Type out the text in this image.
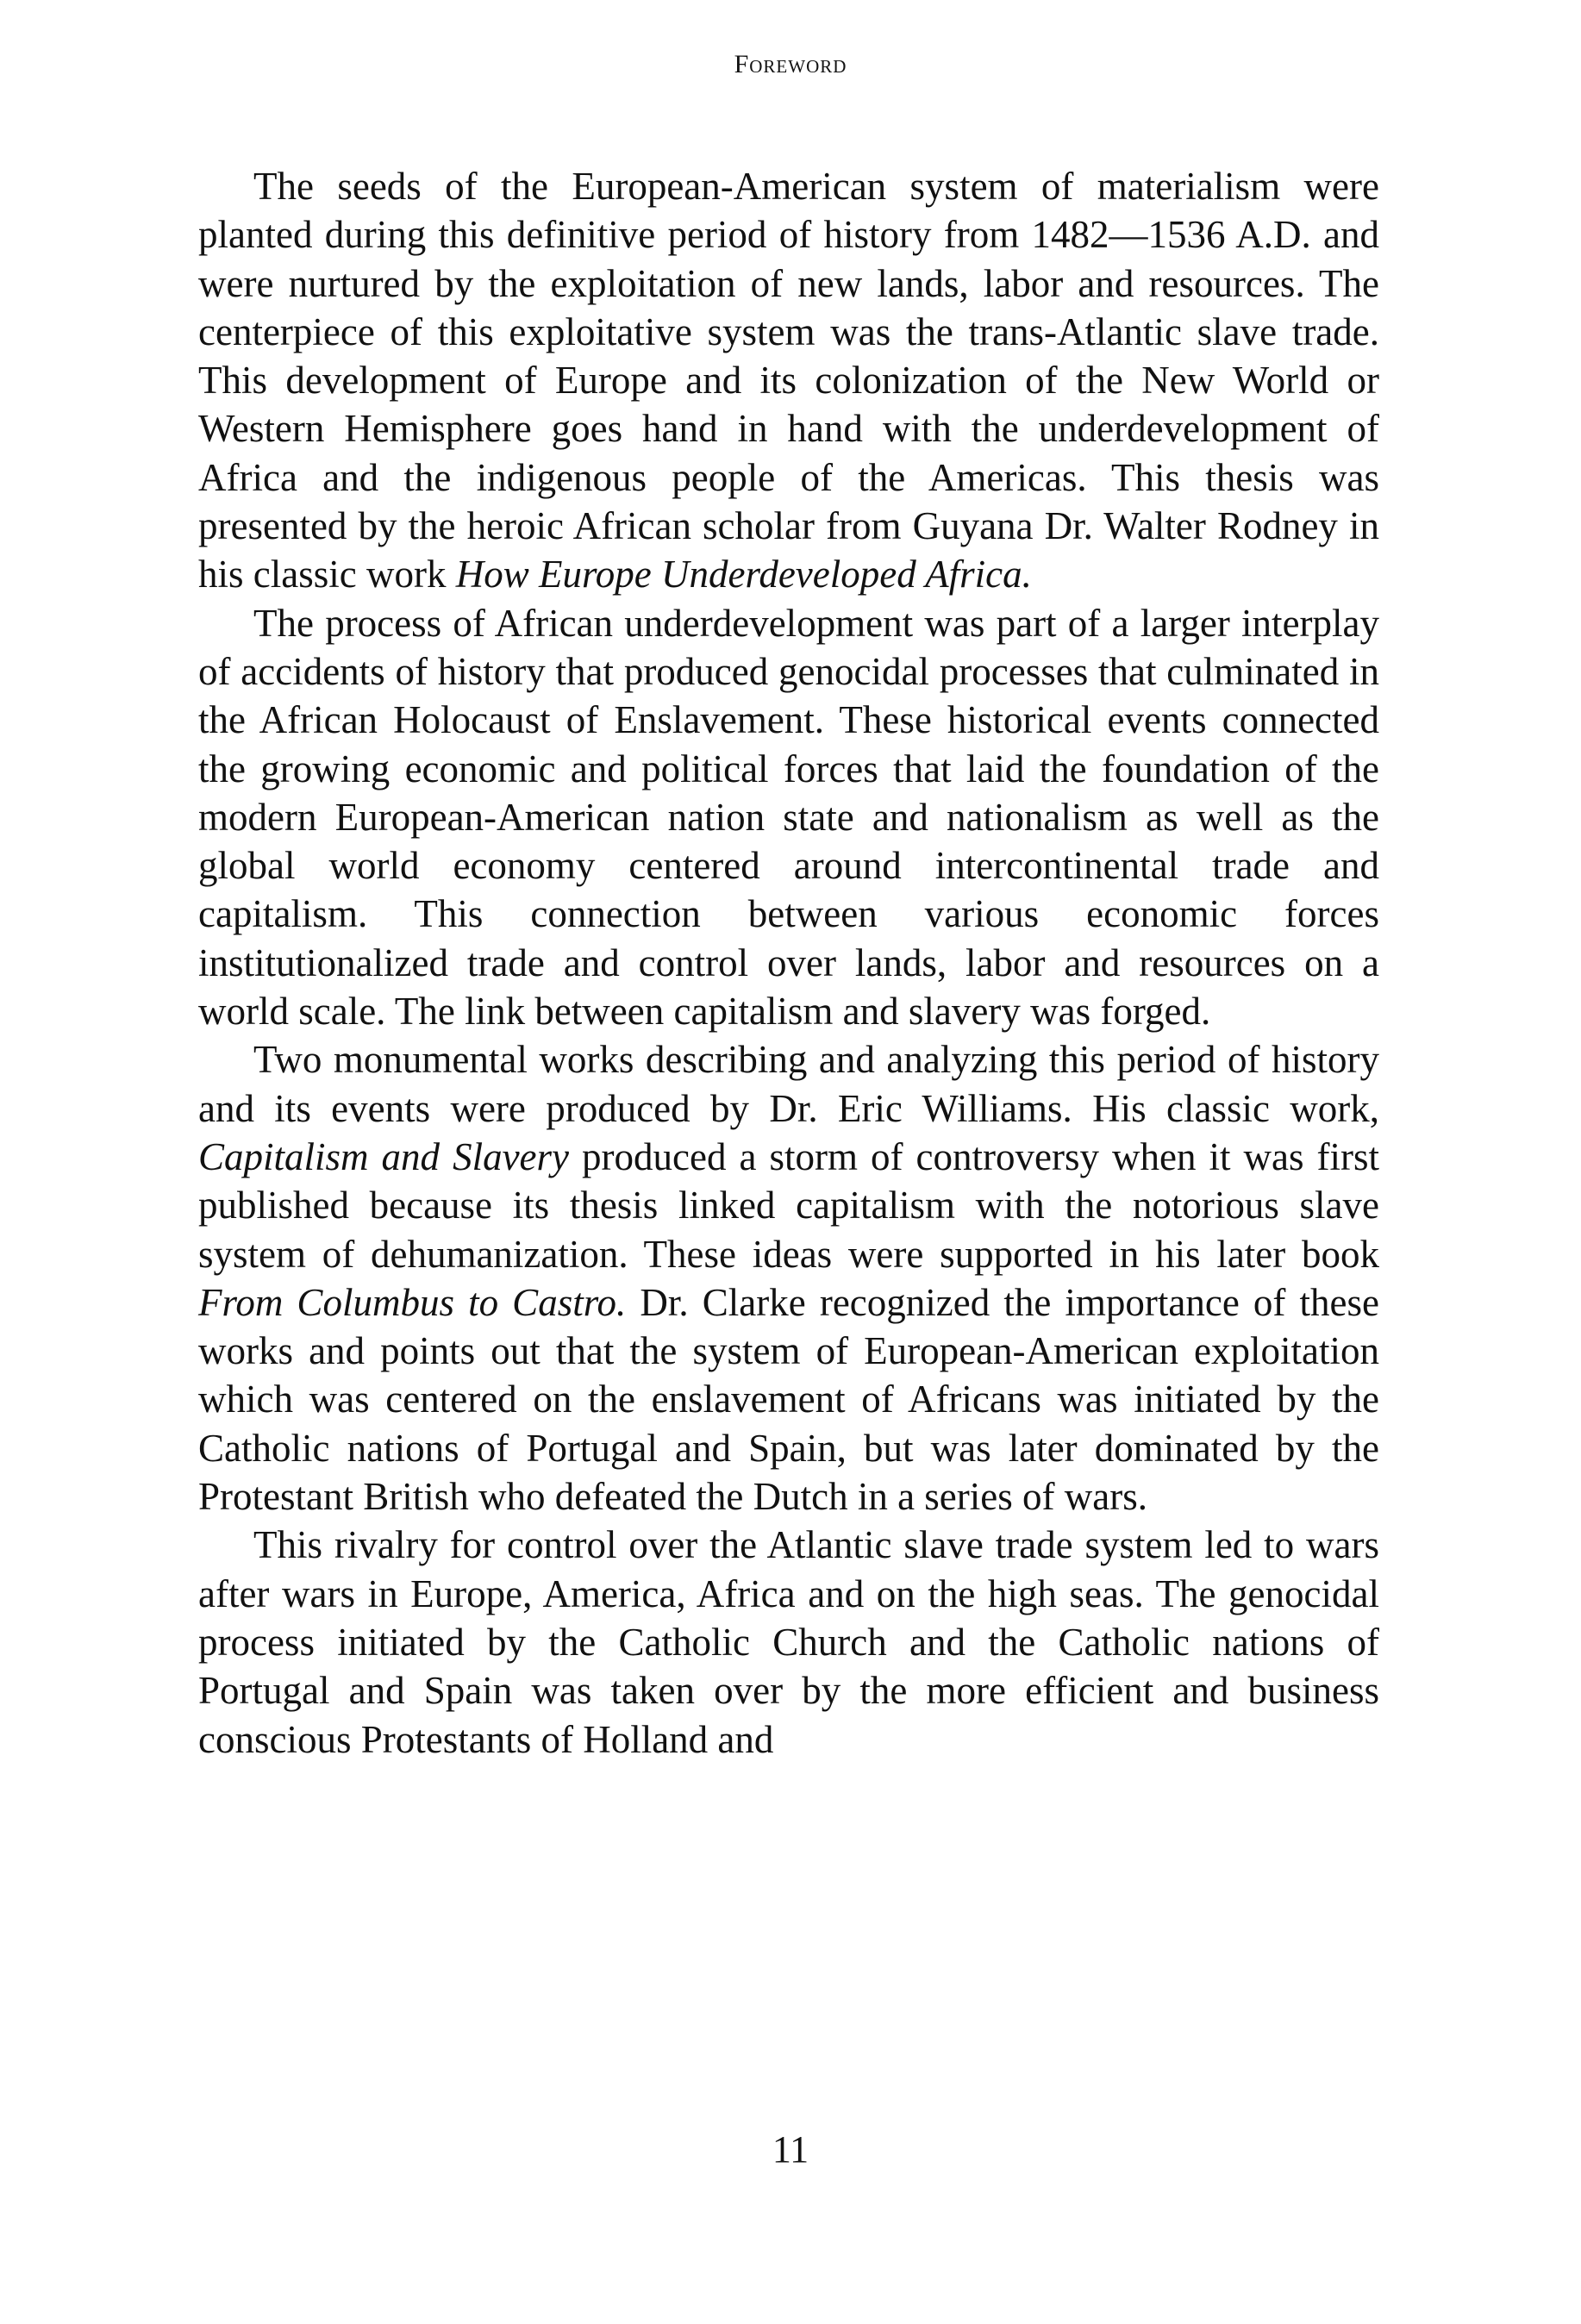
Foreword

The seeds of the European-American system of materialism were planted during this definitive period of history from 1482—1536 A.D. and were nurtured by the exploitation of new lands, labor and resources. The centerpiece of this exploitative system was the trans-Atlantic slave trade. This development of Europe and its colonization of the New World or Western Hemisphere goes hand in hand with the underdevelopment of Africa and the indigenous people of the Americas. This thesis was presented by the heroic African scholar from Guyana Dr. Walter Rodney in his classic work How Europe Underdeveloped Africa.

The process of African underdevelopment was part of a larger interplay of accidents of history that produced genocidal processes that culminated in the African Holocaust of Enslavement. These historical events connected the growing economic and political forces that laid the foundation of the modern European-American nation state and nationalism as well as the global world economy centered around intercontinental trade and capitalism. This connection between various economic forces institutionalized trade and control over lands, labor and resources on a world scale. The link between capitalism and slavery was forged.

Two monumental works describing and analyzing this period of history and its events were produced by Dr. Eric Williams. His classic work, Capitalism and Slavery produced a storm of controversy when it was first published because its thesis linked capitalism with the notorious slave system of dehumanization. These ideas were supported in his later book From Columbus to Castro. Dr. Clarke recognized the importance of these works and points out that the system of European-American exploitation which was centered on the enslavement of Africans was initiated by the Catholic nations of Portugal and Spain, but was later dominated by the Protestant British who defeated the Dutch in a series of wars.

This rivalry for control over the Atlantic slave trade system led to wars after wars in Europe, America, Africa and on the high seas. The genocidal process initiated by the Catholic Church and the Catholic nations of Portugal and Spain was taken over by the more efficient and business conscious Protestants of Holland and

11
